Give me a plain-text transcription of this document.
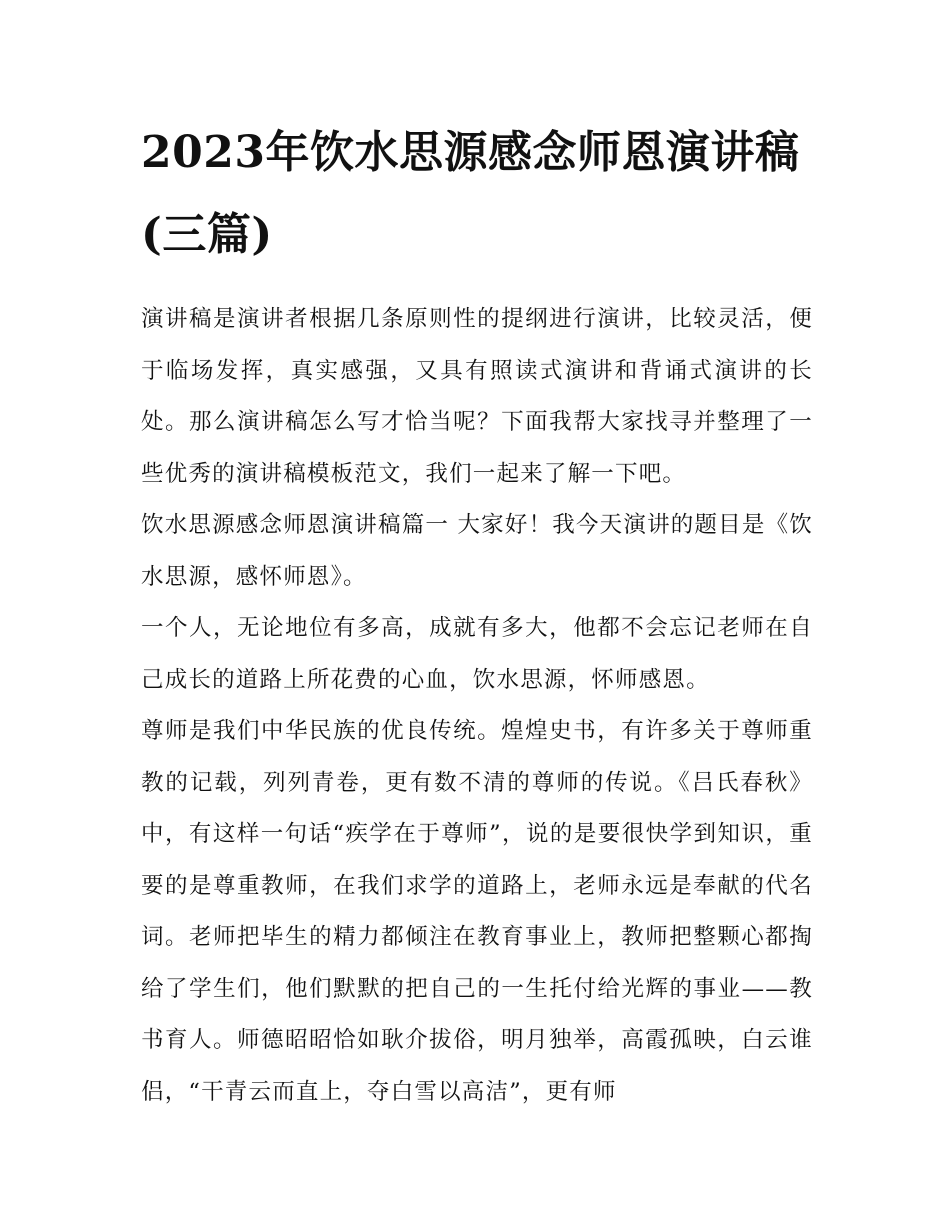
2023年饮水思源感念师恩演讲稿(三篇)

演讲稿是演讲者根据几条原则性的提纲进行演讲，比较灵活，便于临场发挥，真实感强，又具有照读式演讲和背诵式演讲的长处。那么演讲稿怎么写才恰当呢？下面我帮大家找寻并整理了一些优秀的演讲稿模板范文，我们一起来了解一下吧。

饮水思源感念师恩演讲稿篇一 大家好！我今天演讲的题目是《饮水思源，感怀师恩》。

一个人，无论地位有多高，成就有多大，他都不会忘记老师在自己成长的道路上所花费的心血，饮水思源，怀师感恩。

尊师是我们中华民族的优良传统。煌煌史书，有许多关于尊师重教的记载，列列青卷，更有数不清的尊师的传说。《吕氏春秋》中，有这样一句话“疾学在于尊师”，说的是要很快学到知识，重要的是尊重教师，在我们求学的道路上，老师永远是奉献的代名词。老师把毕生的精力都倾注在教育事业上，教师把整颗心都掏给了学生们，他们默默的把自己的一生托付给光辉的事业——教书育人。师德昭昭恰如耿介拔俗，明月独举，高霞孤映，白云谁侣，“干青云而直上，夺白雪以高洁”，更有师
